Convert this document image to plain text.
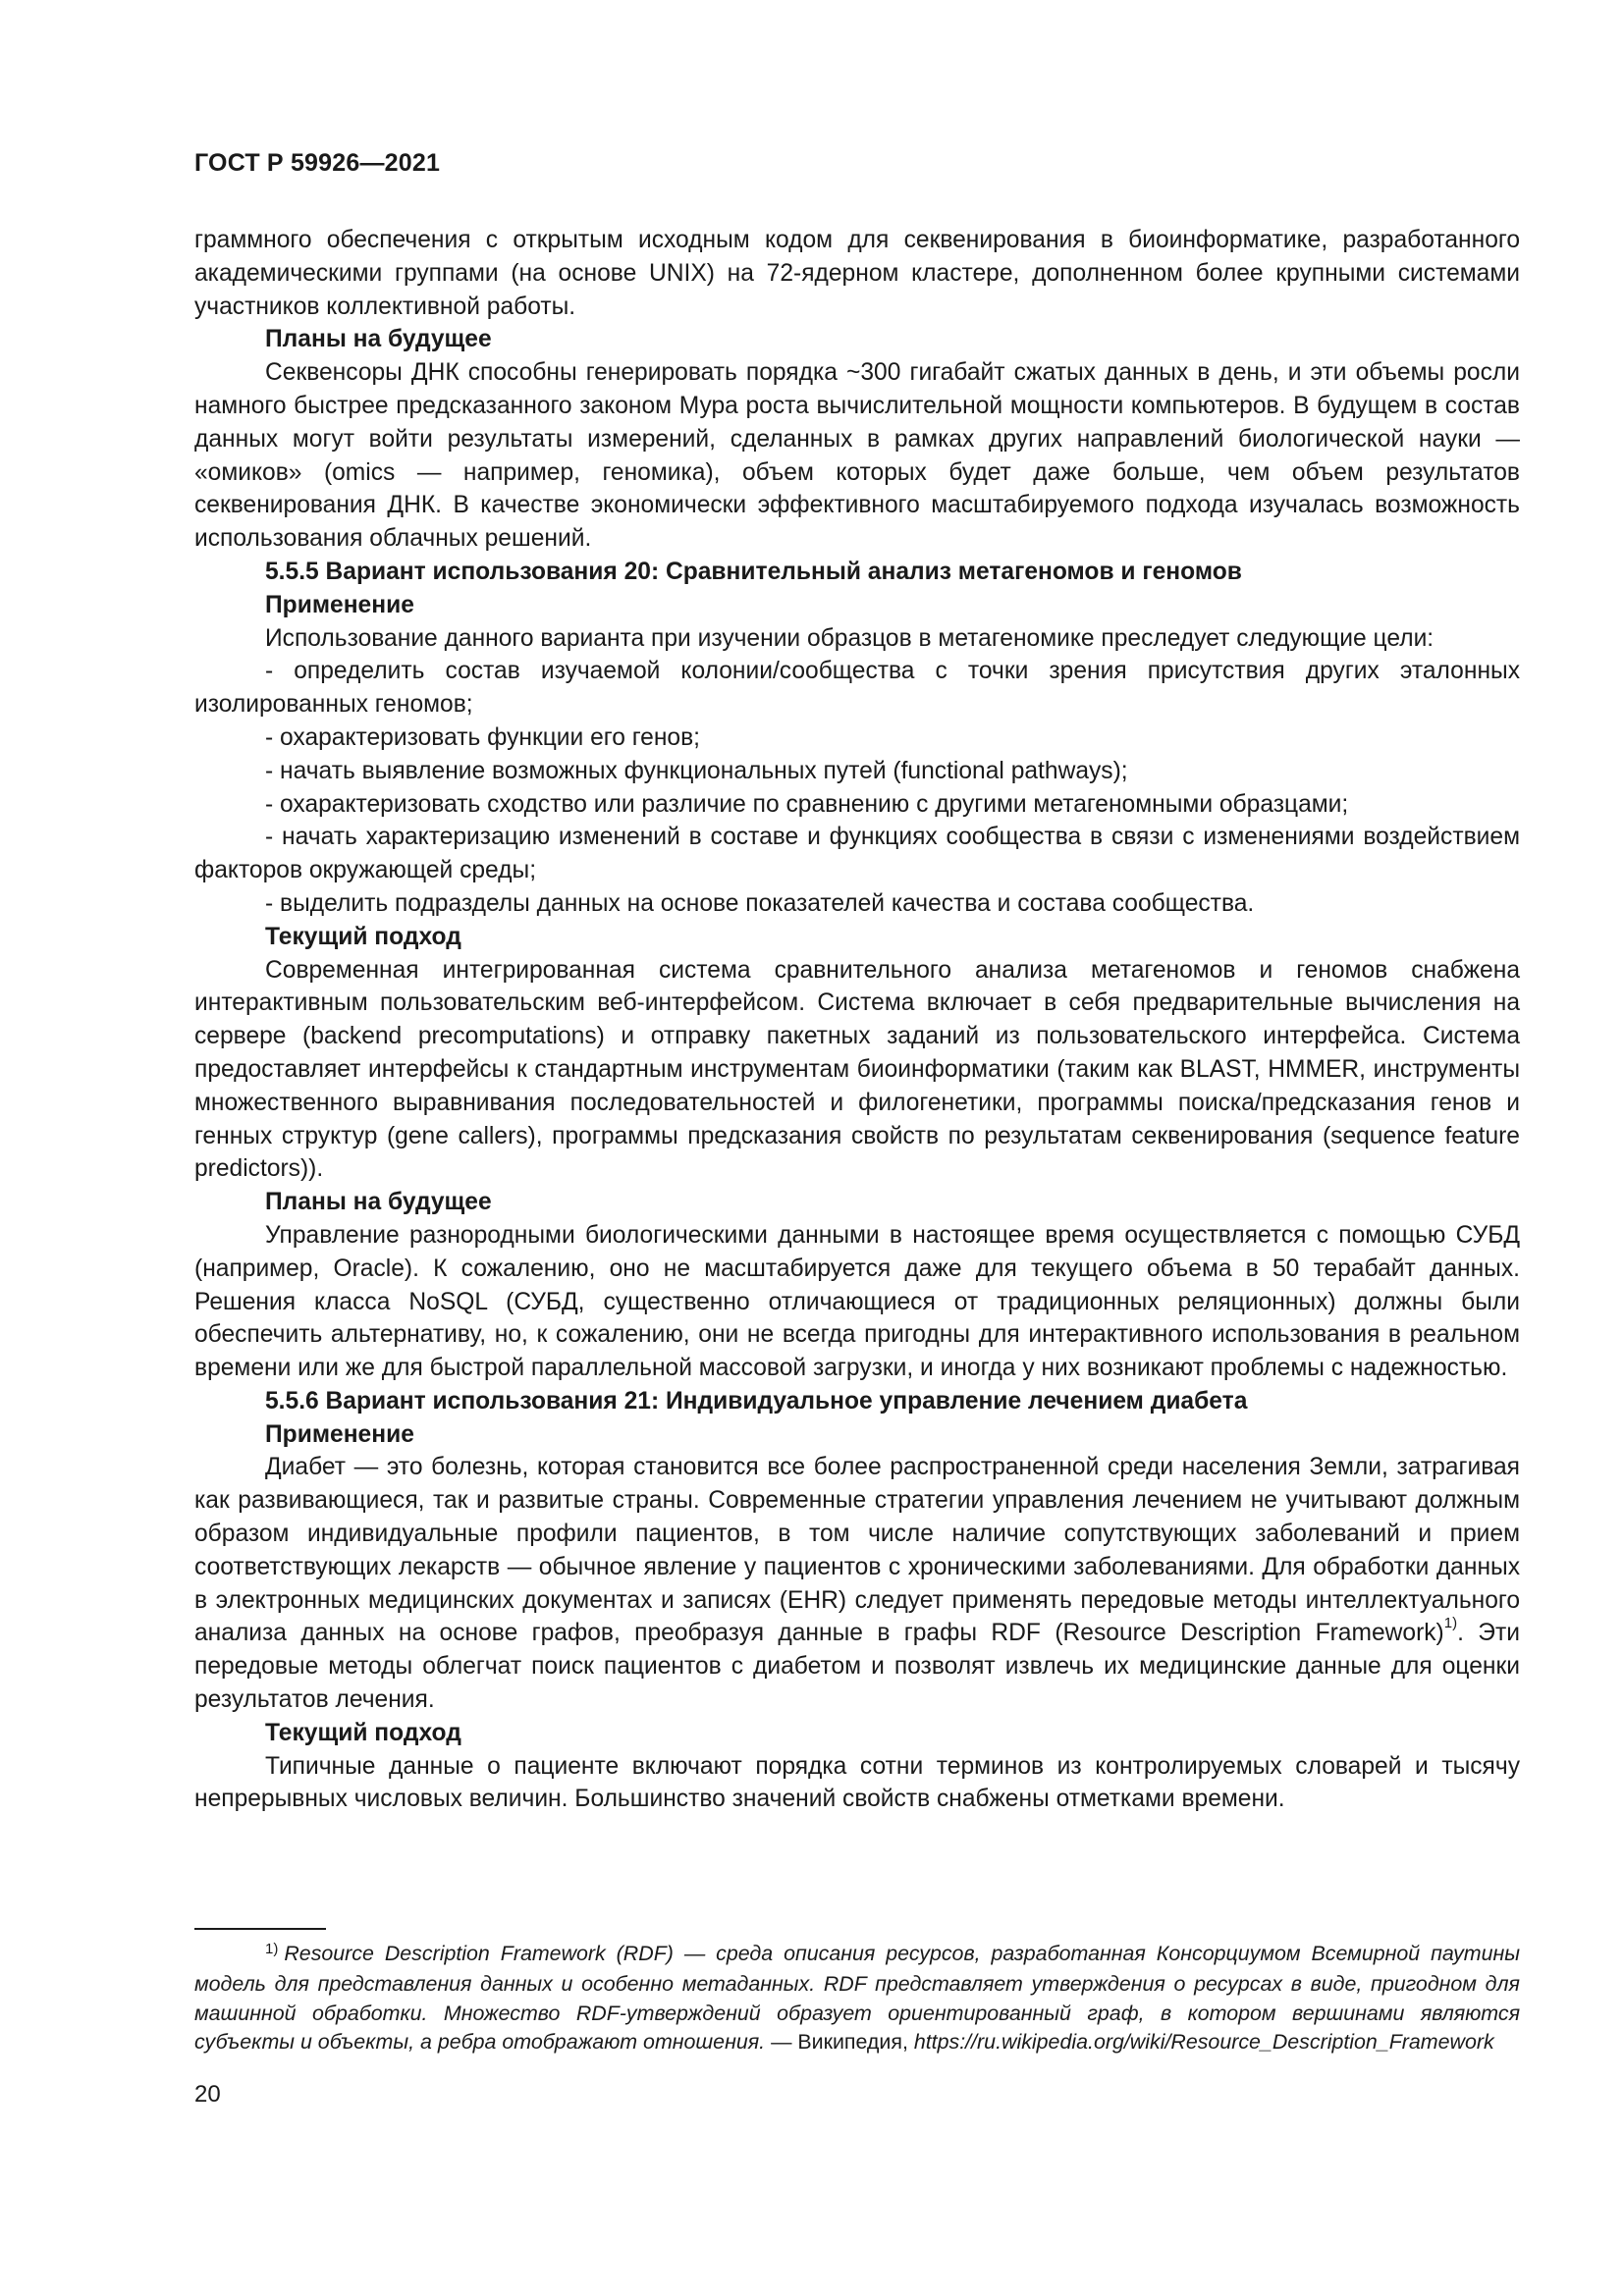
ГОСТ Р 59926—2021

граммного обеспечения с открытым исходным кодом для секвенирования в биоинформатике, разработанного академическими группами (на основе UNIX) на 72-ядерном кластере, дополненном более крупными системами участников коллективной работы.

Планы на будущее

Секвенсоры ДНК способны генерировать порядка ~300 гигабайт сжатых данных в день, и эти объемы росли намного быстрее предсказанного законом Мура роста вычислительной мощности компьютеров. В будущем в состав данных могут войти результаты измерений, сделанных в рамках других направлений биологической науки — «омиков» (omics — например, геномика), объем которых будет даже больше, чем объем результатов секвенирования ДНК. В качестве экономически эффективного масштабируемого подхода изучалась возможность использования облачных решений.

5.5.5 Вариант использования 20: Сравнительный анализ метагеномов и геномов

Применение

Использование данного варианта при изучении образцов в метагеномике преследует следующие цели:

- определить состав изучаемой колонии/сообщества с точки зрения присутствия других эталонных изолированных геномов;

- охарактеризовать функции его генов;

- начать выявление возможных функциональных путей (functional pathways);

- охарактеризовать сходство или различие по сравнению с другими метагеномными образцами;

- начать характеризацию изменений в составе и функциях сообщества в связи с изменениями воздействием факторов окружающей среды;

- выделить подразделы данных на основе показателей качества и состава сообщества.

Текущий подход

Современная интегрированная система сравнительного анализа метагеномов и геномов снабжена интерактивным пользовательским веб-интерфейсом. Система включает в себя предварительные вычисления на сервере (backend precomputations) и отправку пакетных заданий из пользовательского интерфейса. Система предоставляет интерфейсы к стандартным инструментам биоинформатики (таким как BLAST, HMMER, инструменты множественного выравнивания последовательностей и филогенетики, программы поиска/предсказания генов и генных структур (gene callers), программы предсказания свойств по результатам секвенирования (sequence feature predictors)).

Планы на будущее

Управление разнородными биологическими данными в настоящее время осуществляется с помощью СУБД (например, Oracle). К сожалению, оно не масштабируется даже для текущего объема в 50 терабайт данных. Решения класса NoSQL (СУБД, существенно отличающиеся от традиционных реляционных) должны были обеспечить альтернативу, но, к сожалению, они не всегда пригодны для интерактивного использования в реальном времени или же для быстрой параллельной массовой загрузки, и иногда у них возникают проблемы с надежностью.

5.5.6 Вариант использования 21: Индивидуальное управление лечением диабета

Применение

Диабет — это болезнь, которая становится все более распространенной среди населения Земли, затрагивая как развивающиеся, так и развитые страны. Современные стратегии управления лечением не учитывают должным образом индивидуальные профили пациентов, в том числе наличие сопутствующих заболеваний и прием соответствующих лекарств — обычное явление у пациентов с хроническими заболеваниями. Для обработки данных в электронных медицинских документах и записях (EHR) следует применять передовые методы интеллектуального анализа данных на основе графов, преобразуя данные в графы RDF (Resource Description Framework)$^{1)}$. Эти передовые методы облегчат поиск пациентов с диабетом и позволят извлечь их медицинские данные для оценки результатов лечения.

Текущий подход

Типичные данные о пациенте включают порядка сотни терминов из контролируемых словарей и тысячу непрерывных числовых величин. Большинство значений свойств снабжены отметками времени.

$^{1)}$ Resource Description Framework (RDF) — среда описания ресурсов, разработанная Консорциумом Всемирной паутины модель для представления данных и особенно метаданных. RDF представляет утверждения о ресурсах в виде, пригодном для машинной обработки. Множество RDF-утверждений образует ориентированный граф, в котором вершинами являются субъекты и объекты, а ребра отображают отношения. — Википедия, https://ru.wikipedia.org/wiki/Resource_Description_Framework

20
